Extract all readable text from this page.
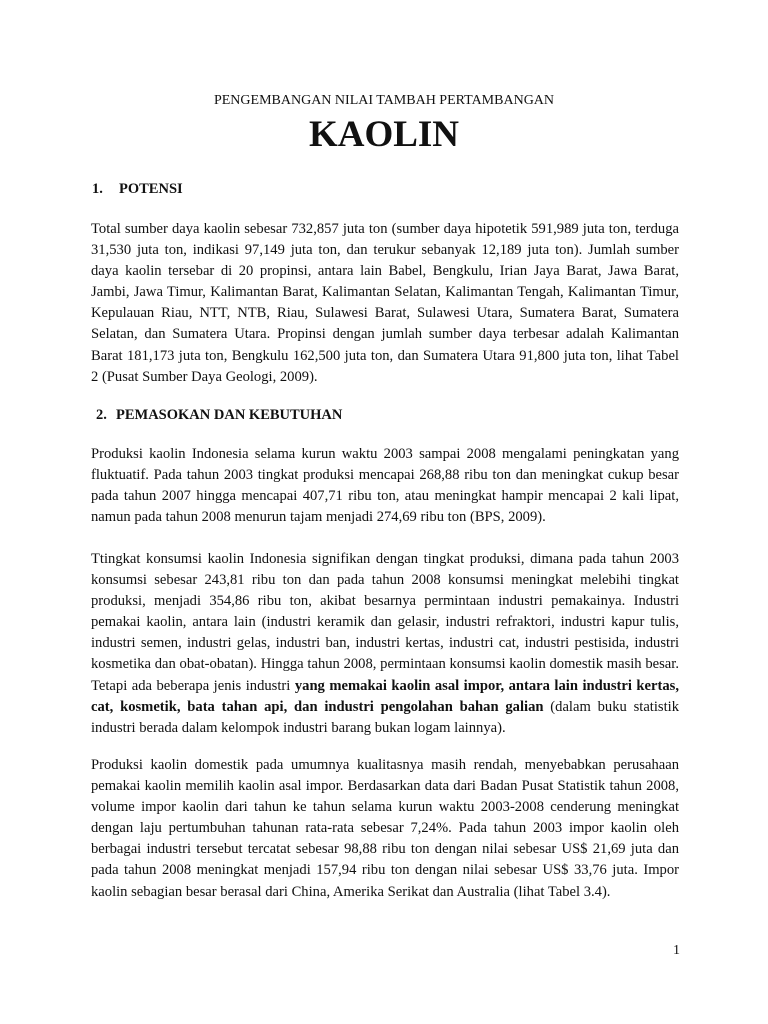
PENGEMBANGAN NILAI TAMBAH PERTAMBANGAN
KAOLIN
1. POTENSI

Total sumber daya kaolin sebesar 732,857 juta ton (sumber daya hipotetik 591,989 juta ton, terduga 31,530 juta ton, indikasi 97,149 juta ton, dan terukur sebanyak 12,189 juta ton). Jumlah sumber daya kaolin tersebar di 20 propinsi, antara lain Babel, Bengkulu, Irian Jaya Barat, Jawa Barat, Jambi, Jawa Timur, Kalimantan Barat, Kalimantan Selatan, Kalimantan Tengah, Kalimantan Timur, Kepulauan Riau, NTT, NTB, Riau, Sulawesi Barat, Sulawesi Utara, Sumatera Barat, Sumatera Selatan, dan Sumatera Utara. Propinsi dengan jumlah sumber daya terbesar adalah Kalimantan Barat 181,173 juta ton, Bengkulu 162,500 juta ton, dan Sumatera Utara 91,800 juta ton, lihat Tabel 2 (Pusat Sumber Daya Geologi, 2009).

2. PEMASOKAN DAN KEBUTUHAN

Produksi kaolin Indonesia selama kurun waktu 2003 sampai 2008 mengalami peningkatan yang fluktuatif. Pada tahun 2003 tingkat produksi mencapai 268,88 ribu ton dan meningkat cukup besar pada tahun 2007 hingga mencapai 407,71 ribu ton, atau meningkat hampir mencapai 2 kali lipat, namun pada tahun 2008 menurun tajam menjadi 274,69 ribu ton (BPS, 2009).

Ttingkat konsumsi kaolin Indonesia signifikan dengan tingkat produksi, dimana pada tahun 2003 konsumsi sebesar 243,81 ribu ton dan pada tahun 2008 konsumsi meningkat melebihi tingkat produksi, menjadi 354,86 ribu ton, akibat besarnya permintaan industri pemakainya. Industri pemakai kaolin, antara lain (industri keramik dan gelasir, industri refraktori, industri kapur tulis, industri semen, industri gelas, industri ban, industri kertas, industri cat, industri pestisida, industri kosmetika dan obat-obatan). Hingga tahun 2008, permintaan konsumsi kaolin domestik masih besar. Tetapi ada beberapa jenis industri yang memakai kaolin asal impor, antara lain industri kertas, cat, kosmetik, bata tahan api, dan industri pengolahan bahan galian (dalam buku statistik industri berada dalam kelompok industri barang bukan logam lainnya).

Produksi kaolin domestik pada umumnya kualitasnya masih rendah, menyebabkan perusahaan pemakai kaolin memilih kaolin asal impor. Berdasarkan data dari Badan Pusat Statistik tahun 2008, volume impor kaolin dari tahun ke tahun selama kurun waktu 2003-2008 cenderung meningkat dengan laju pertumbuhan tahunan rata-rata sebesar 7,24%. Pada tahun 2003 impor kaolin oleh berbagai industri tersebut tercatat sebesar 98,88 ribu ton dengan nilai sebesar US$ 21,69 juta dan pada tahun 2008 meningkat menjadi 157,94 ribu ton dengan nilai sebesar US$ 33,76 juta. Impor kaolin sebagian besar berasal dari China, Amerika Serikat dan Australia (lihat Tabel 3.4).

1
